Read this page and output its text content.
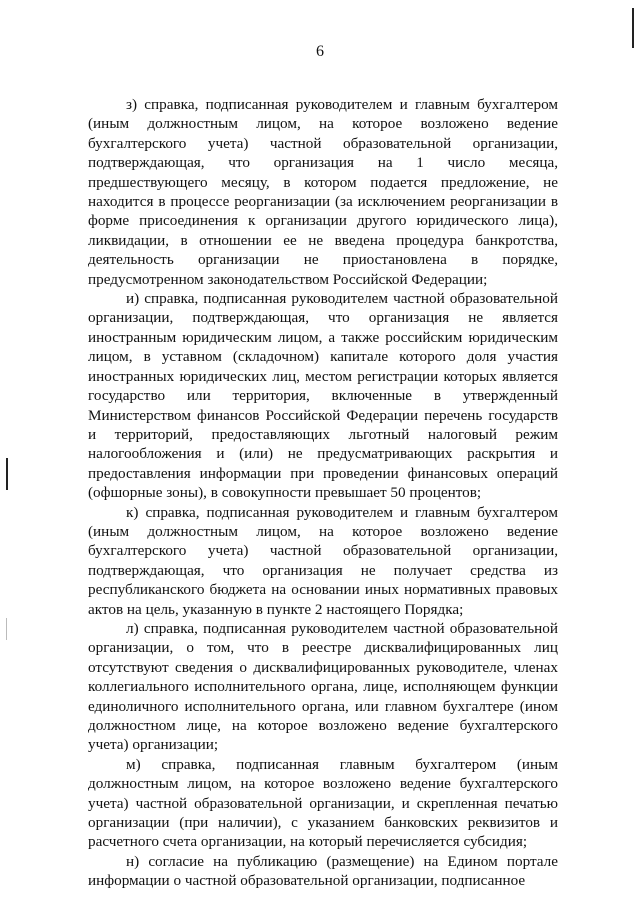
6

з) справка, подписанная руководителем и главным бухгалтером (иным должностным лицом, на которое возложено ведение бухгалтерского учета) частной образовательной организации, подтверждающая, что организация на 1 число месяца, предшествующего месяцу, в котором подается предложение, не находится в процессе реорганизации (за исключением реорганизации в форме присоединения к организации другого юридического лица), ликвидации, в отношении ее не введена процедура банкротства, деятельность организации не приостановлена в порядке, предусмотренном законодательством Российской Федерации;

и) справка, подписанная руководителем частной образовательной организации, подтверждающая, что организация не является иностранным юридическим лицом, а также российским юридическим лицом, в уставном (складочном) капитале которого доля участия иностранных юридических лиц, местом регистрации которых является государство или территория, включенные в утвержденный Министерством финансов Российской Федерации перечень государств и территорий, предоставляющих льготный налоговый режим налогообложения и (или) не предусматривающих раскрытия и предоставления информации при проведении финансовых операций (офшорные зоны), в совокупности превышает 50 процентов;

к) справка, подписанная руководителем и главным бухгалтером (иным должностным лицом, на которое возложено ведение бухгалтерского учета) частной образовательной организации, подтверждающая, что организация не получает средства из республиканского бюджета на основании иных нормативных правовых актов на цель, указанную в пункте 2 настоящего Порядка;

л) справка, подписанная руководителем частной образовательной организации, о том, что в реестре дисквалифицированных лиц отсутствуют сведения о дисквалифицированных руководителе, членах коллегиального исполнительного органа, лице, исполняющем функции единоличного исполнительного органа, или главном бухгалтере (ином должностном лице, на которое возложено ведение бухгалтерского учета) организации;

м) справка, подписанная главным бухгалтером (иным должностным лицом, на которое возложено ведение бухгалтерского учета) частной образовательной организации, и скрепленная печатью организации (при наличии), с указанием банковских реквизитов и расчетного счета организации, на который перечисляется субсидия;

н) согласие на публикацию (размещение) на Едином портале информации о частной образовательной организации, подписанное
